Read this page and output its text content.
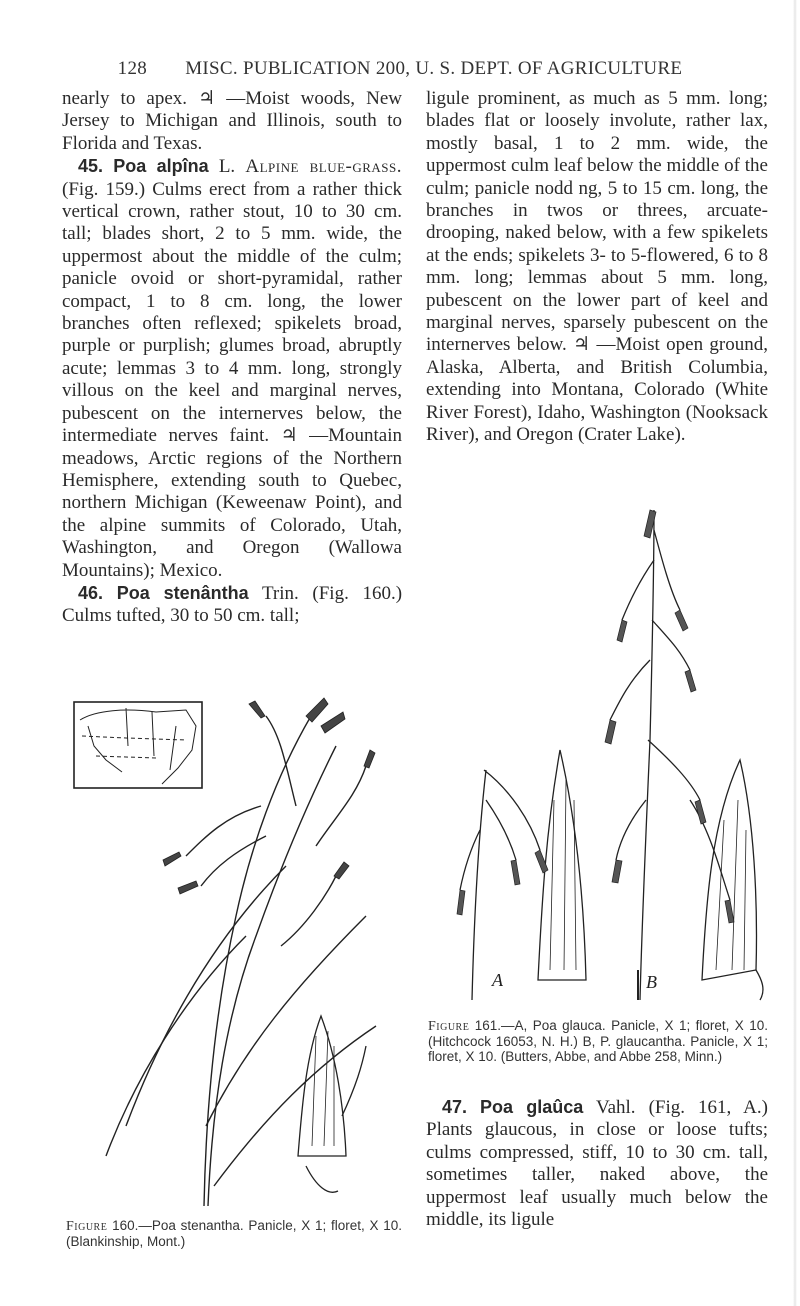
128 MISC. PUBLICATION 200, U. S. DEPT. OF AGRICULTURE

nearly to apex. ♃ —Moist woods, New Jersey to Michigan and Illinois, south to Florida and Texas.

45. Poa alpîna L. Alpine blue-grass. (Fig. 159.) Culms erect from a rather thick vertical crown, rather stout, 10 to 30 cm. tall; blades short, 2 to 5 mm. wide, the uppermost about the middle of the culm; panicle ovoid or short-pyramidal, rather compact, 1 to 8 cm. long, the lower branches often reflexed; spikelets broad, purple or purplish; glumes broad, abruptly acute; lemmas 3 to 4 mm. long, strongly villous on the keel and marginal nerves, pubescent on the internerves below, the intermediate nerves faint. ♃ —Mountain meadows, Arctic regions of the Northern Hemisphere, extending south to Quebec, northern Michigan (Keweenaw Point), and the alpine summits of Colorado, Utah, Washington, and Oregon (Wallowa Mountains); Mexico.

46. Poa stenântha Trin. (Fig. 160.) Culms tufted, 30 to 50 cm. tall;

Figure 160.—Poa stenantha. Panicle, X 1; floret, X 10. (Blankinship, Mont.)

ligule prominent, as much as 5 mm. long; blades flat or loosely involute, rather lax, mostly basal, 1 to 2 mm. wide, the uppermost culm leaf below the middle of the culm; panicle nodd ng, 5 to 15 cm. long, the branches in twos or threes, arcuate-drooping, naked below, with a few spikelets at the ends; spikelets 3- to 5-flowered, 6 to 8 mm. long; lemmas about 5 mm. long, pubescent on the lower part of keel and marginal nerves, sparsely pubescent on the internerves below. ♃ —Moist open ground, Alaska, Alberta, and British Columbia, extending into Montana, Colorado (White River Forest), Idaho, Washington (Nooksack River), and Oregon (Crater Lake).

A	B
Figure 161.—A, Poa glauca. Panicle, X 1; floret, X 10. (Hitchcock 16053, N. H.) B, P. glaucantha. Panicle, X 1; floret, X 10. (Butters, Abbe, and Abbe 258, Minn.)
47. Poa glaûca Vahl. (Fig. 161, A.) Plants glaucous, in close or loose tufts; culms compressed, stiff, 10 to 30 cm. tall, sometimes taller, naked above, the uppermost leaf usually much below the middle, its ligule
